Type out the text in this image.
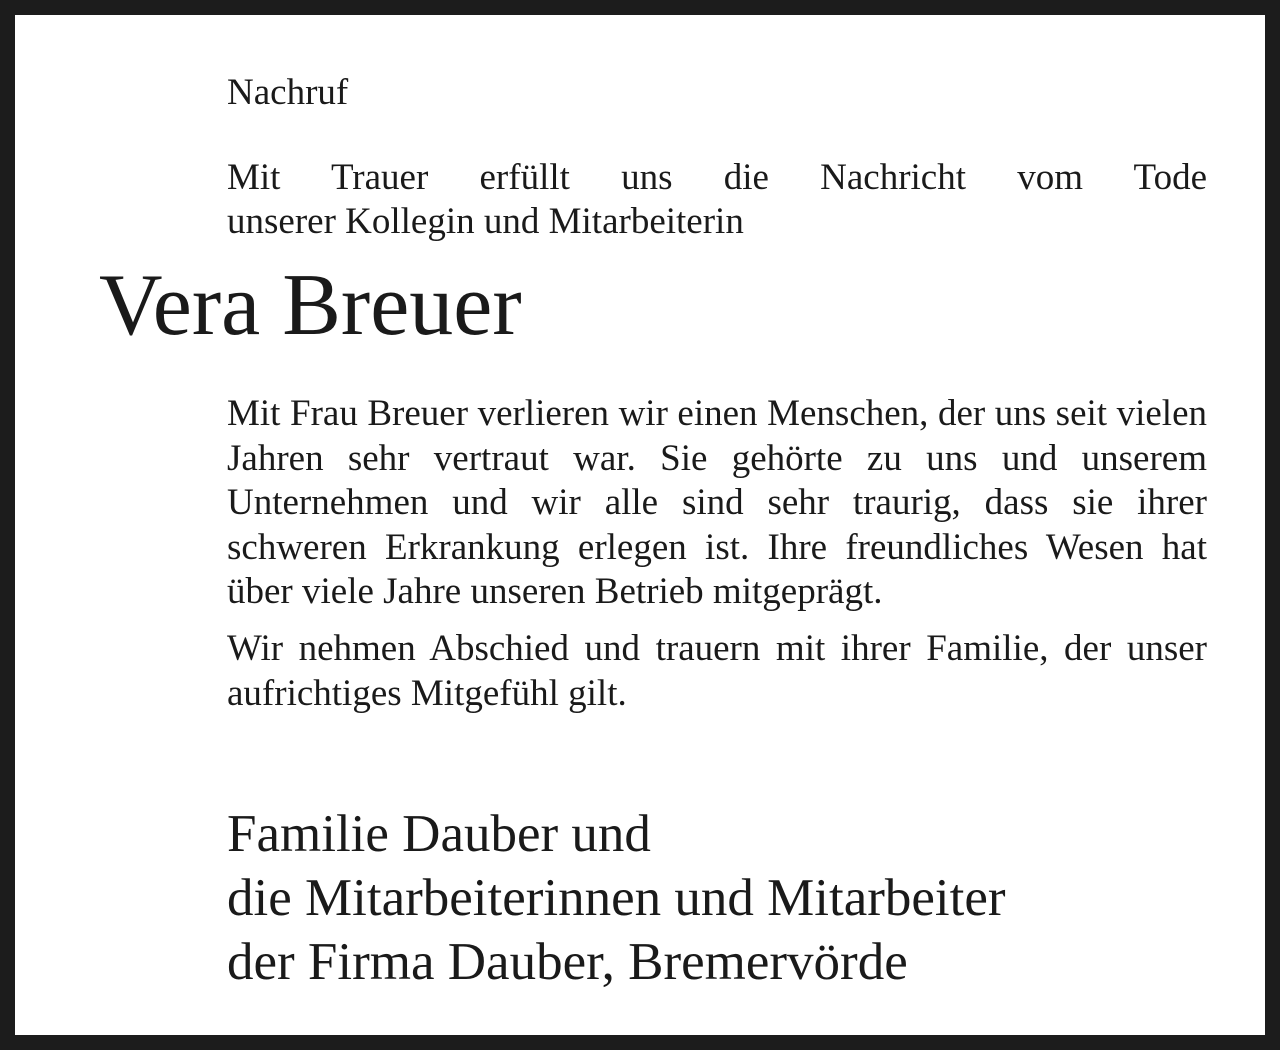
Nachruf
Mit Trauer erfüllt uns die Nachricht vom Tode
unserer Kollegin und Mitarbeiterin
Vera Breuer

Mit Frau Breuer verlieren wir einen Menschen, der uns seit vielen Jahren sehr vertraut war. Sie gehörte zu uns und unserem Unternehmen und wir alle sind sehr traurig, dass sie ihrer schweren Erkrankung erlegen ist. Ihre freundliches Wesen hat über viele Jahre unseren Betrieb mitgeprägt.

Wir nehmen Abschied und trauern mit ihrer Familie, der unser aufrichtiges Mitgefühl gilt.

Familie Dauber und
die Mitarbeiterinnen und Mitarbeiter
der Firma Dauber, Bremervörde
